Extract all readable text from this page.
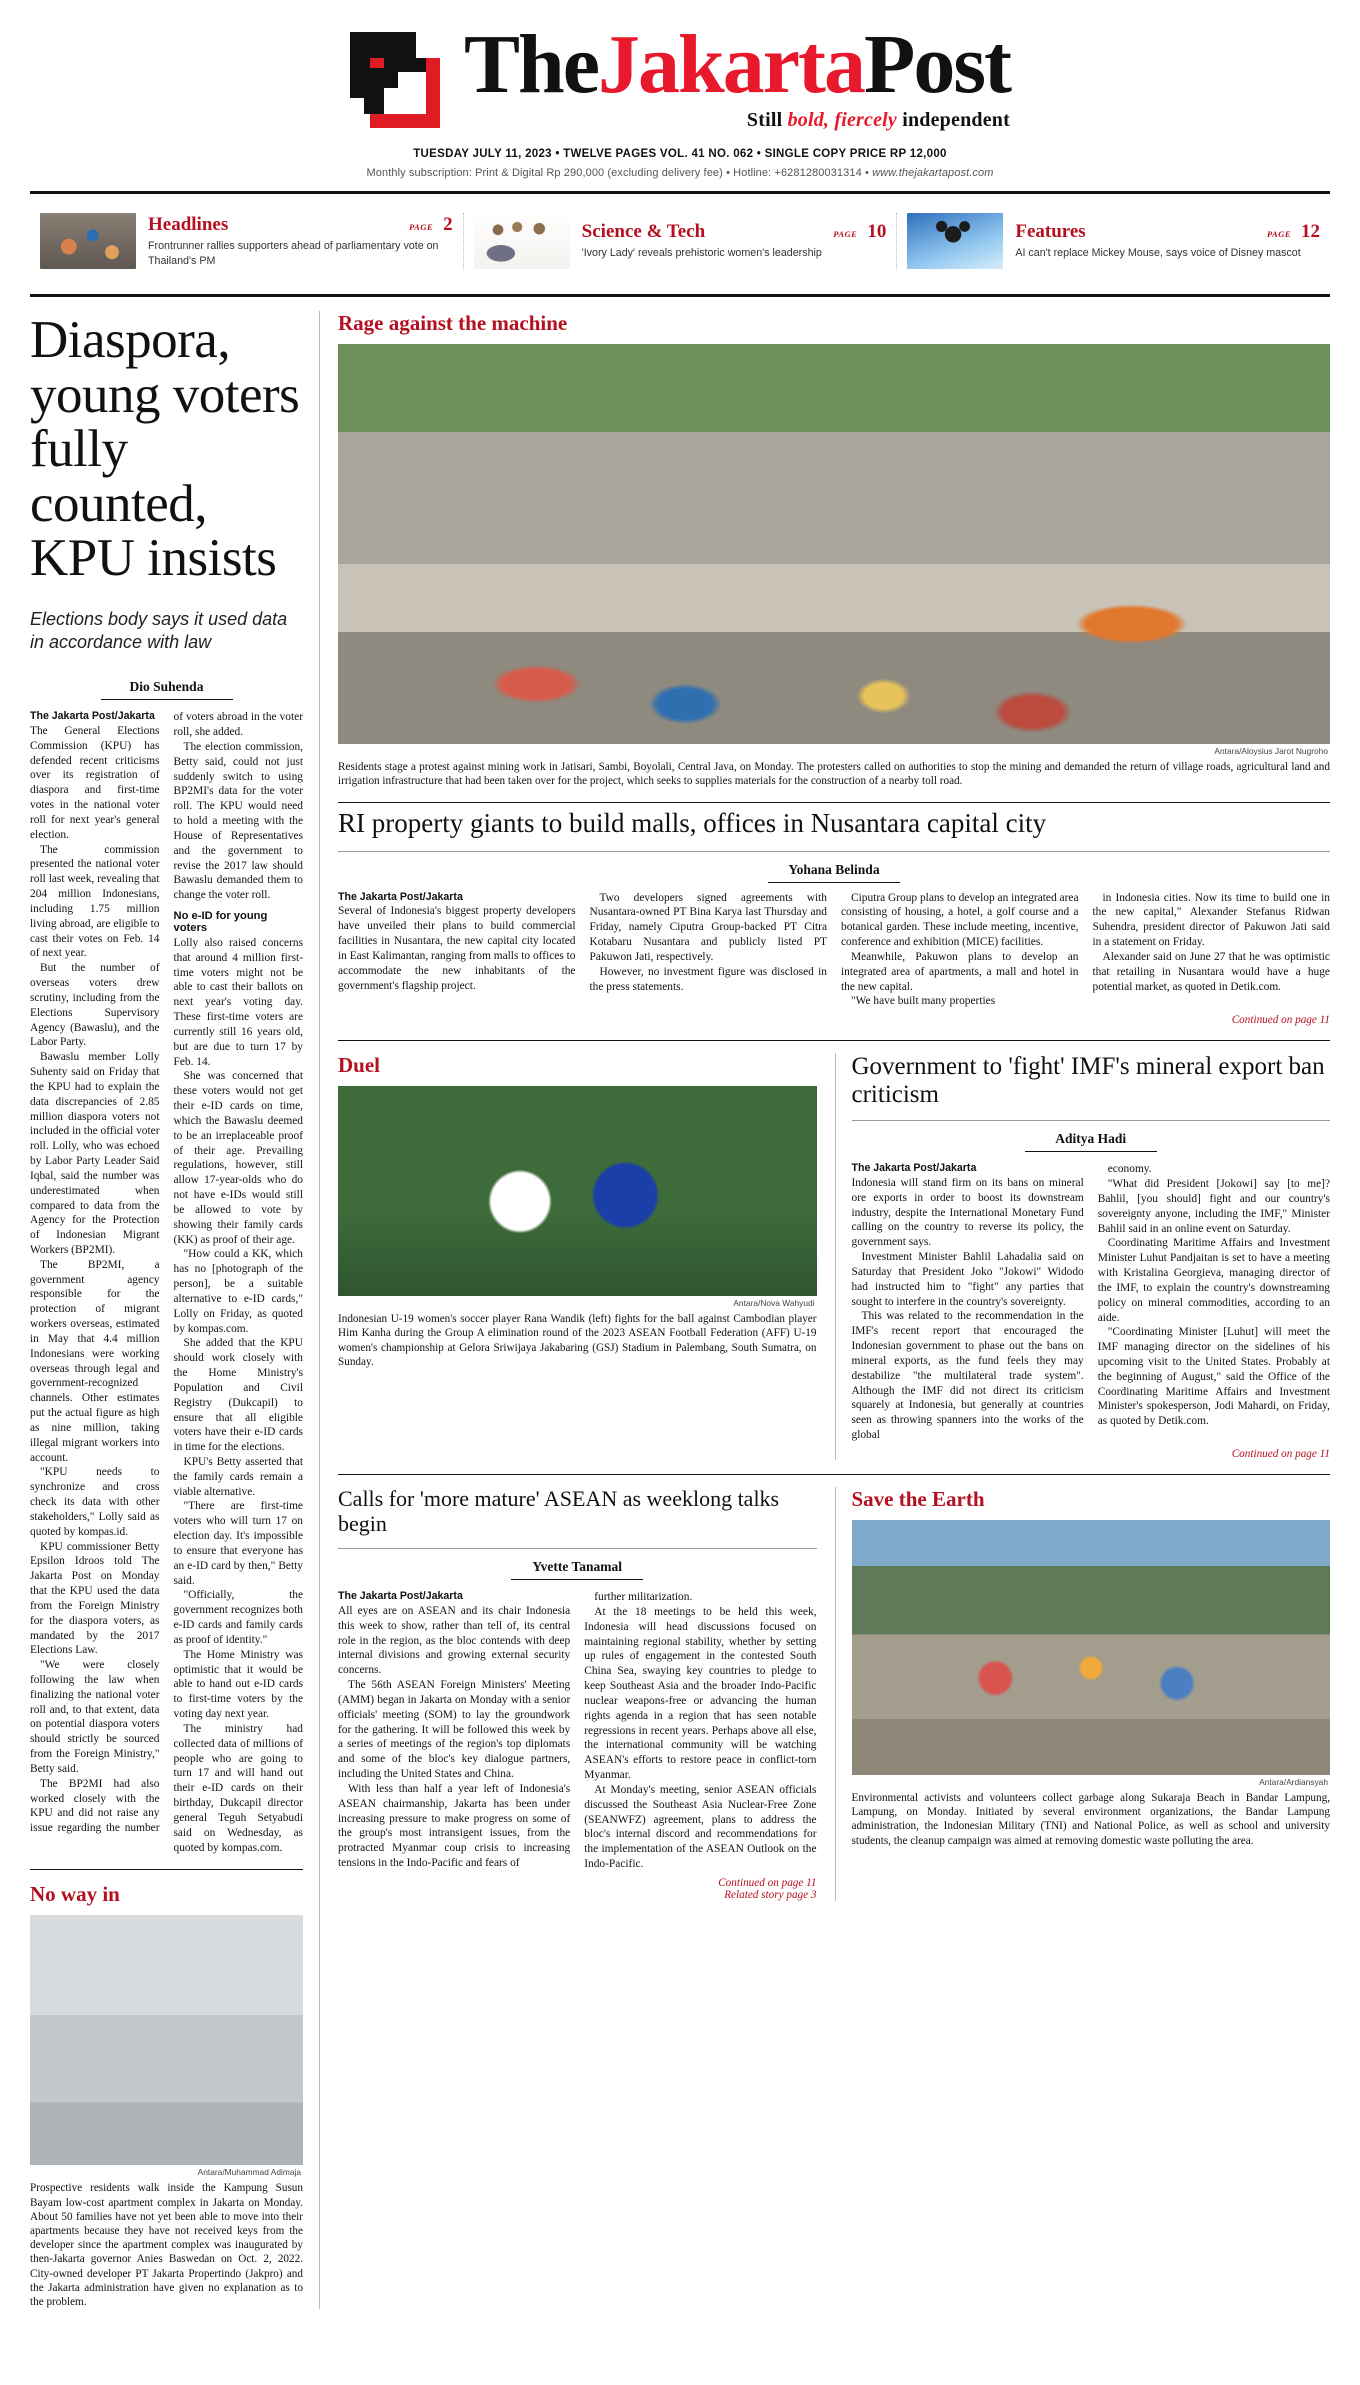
TheJakartaPost
Still bold, fiercely independent
TUESDAY JULY 11, 2023 • TWELVE PAGES VOL. 41 NO. 062 • SINGLE COPY PRICE RP 12,000
Monthly subscription: Print & Digital Rp 290,000 (excluding delivery fee) • Hotline: +6281280031314 • www.thejakartapost.com
Headlines	PAGE 2
Frontrunner rallies supporters ahead of parliamentary vote on Thailand's PM
Science & Tech	PAGE 10
'Ivory Lady' reveals prehistoric women's leadership
Features	PAGE 12
AI can't replace Mickey Mouse, says voice of Disney mascot
Diaspora, young voters fully counted, KPU insists
Elections body says it used data in accordance with law
Dio Suhenda

The Jakarta Post/Jakarta
The General Elections Commission (KPU) has defended recent criticisms over its registration of diaspora and first-time votes in the national voter roll for next year's general election.

The commission presented the national voter roll last week, revealing that 204 million Indonesians, including 1.75 million living abroad, are eligible to cast their votes on Feb. 14 of next year.

But the number of overseas voters drew scrutiny, including from the Elections Supervisory Agency (Bawaslu), and the Labor Party.

Bawaslu member Lolly Suhenty said on Friday that the KPU had to explain the data discrepancies of 2.85 million diaspora voters not included in the official voter roll. Lolly, who was echoed by Labor Party Leader Said Iqbal, said the number was underestimated when compared to data from the Agency for the Protection of Indonesian Migrant Workers (BP2MI).

The BP2MI, a government agency responsible for the protection of migrant workers overseas, estimated in May that 4.4 million Indonesians were working overseas through legal and government-recognized channels. Other estimates put the actual figure as high as nine million, taking illegal migrant workers into account.

"KPU needs to synchronize and cross check its data with other stakeholders," Lolly said as quoted by kompas.id.

KPU commissioner Betty Epsilon Idroos told The Jakarta Post on Monday that the KPU used the data from the Foreign Ministry for the diaspora voters, as mandated by the 2017 Elections Law.

"We were closely following the law when finalizing the national voter roll and, to that extent, data on potential diaspora voters should strictly be sourced from the Foreign Ministry," Betty said.

The BP2MI had also worked closely with the KPU and did not raise any issue regarding the number of voters abroad in the voter roll, she added.

The election commission, Betty said, could not just suddenly switch to using BP2MI's data for the voter roll. The KPU would need to hold a meeting with the House of Representatives and the government to revise the 2017 law should Bawaslu demanded them to change the voter roll.

No e-ID for young voters

Lolly also raised concerns that around 4 million first-time voters might not be able to cast their ballots on next year's voting day. These first-time voters are currently still 16 years old, but are due to turn 17 by Feb. 14.

She was concerned that these voters would not get their e-ID cards on time, which the Bawaslu deemed to be an irreplaceable proof of their age. Prevailing regulations, however, still allow 17-year-olds who do not have e-IDs would still be allowed to vote by showing their family cards (KK) as proof of their age.

"How could a KK, which has no [photograph of the person], be a suitable alternative to e-ID cards," Lolly on Friday, as quoted by kompas.com.

She added that the KPU should work closely with the Home Ministry's Population and Civil Registry (Dukcapil) to ensure that all eligible voters have their e-ID cards in time for the elections.

KPU's Betty asserted that the family cards remain a viable alternative.

"There are first-time voters who will turn 17 on election day. It's impossible to ensure that everyone has an e-ID card by then," Betty said.

"Officially, the government recognizes both e-ID cards and family cards as proof of identity."

The Home Ministry was optimistic that it would be able to hand out e-ID cards to first-time voters by the voting day next year.

The ministry had collected data of millions of people who are going to turn 17 and will hand out their e-ID cards on their birthday, Dukcapil director general Teguh Setyabudi said on Wednesday, as quoted by kompas.com.

No way in
Antara/Muhammad Adimaja
Prospective residents walk inside the Kampung Susun Bayam low-cost apartment complex in Jakarta on Monday. About 50 families have not yet been able to move into their apartments because they have not received keys from the developer since the apartment complex was inaugurated by then-Jakarta governor Anies Baswedan on Oct. 2, 2022. City-owned developer PT Jakarta Propertindo (Jakpro) and the Jakarta administration have given no explanation as to the problem.
Rage against the machine
Antara/Aloysius Jarot Nugroho
Residents stage a protest against mining work in Jatisari, Sambi, Boyolali, Central Java, on Monday. The protesters called on authorities to stop the mining and demanded the return of village roads, agricultural land and irrigation infrastructure that had been taken over for the project, which seeks to supplies materials for the construction of a nearby toll road.
RI property giants to build malls, offices in Nusantara capital city
Yohana Belinda

The Jakarta Post/Jakarta
Several of Indonesia's biggest property developers have unveiled their plans to build commercial facilities in Nusantara, the new capital city located in East Kalimantan, ranging from malls to offices to accommodate the new inhabitants of the government's flagship project.

Two developers signed agreements with Nusantara-owned PT Bina Karya last Thursday and Friday, namely Ciputra Group-backed PT Citra Kotabaru Nusantara and publicly listed PT Pakuwon Jati, respectively.

However, no investment figure was disclosed in the press statements.

Ciputra Group plans to develop an integrated area consisting of housing, a hotel, a golf course and a botanical garden. These include meeting, incentive, conference and exhibition (MICE) facilities.

Meanwhile, Pakuwon plans to develop an integrated area of apartments, a mall and hotel in the new capital.

"We have built many properties

in Indonesia cities. Now its time to build one in the new capital," Alexander Stefanus Ridwan Suhendra, president director of Pakuwon Jati said in a statement on Friday.

Alexander said on June 27 that he was optimistic that retailing in Nusantara would have a huge potential market, as quoted in Detik.com.

Continued on page 11
Duel
Antara/Nova Wahyudi
Indonesian U-19 women's soccer player Rana Wandik (left) fights for the ball against Cambodian player Him Kanha during the Group A elimination round of the 2023 ASEAN Football Federation (AFF) U-19 women's championship at Gelora Sriwijaya Jakabaring (GSJ) Stadium in Palembang, South Sumatra, on Sunday.
Government to 'fight' IMF's mineral export ban criticism
Aditya Hadi

The Jakarta Post/Jakarta
Indonesia will stand firm on its bans on mineral ore exports in order to boost its downstream industry, despite the International Monetary Fund calling on the country to reverse its policy, the government says.

Investment Minister Bahlil Lahadalia said on Saturday that President Joko "Jokowi" Widodo had instructed him to "fight" any parties that sought to interfere in the country's sovereignty.

This was related to the recommendation in the IMF's recent report that encouraged the Indonesian government to phase out the bans on mineral exports, as the fund feels they may destabilize "the multilateral trade system". Although the IMF did not direct its criticism squarely at Indonesia, but generally at countries seen as throwing spanners into the works of the global

economy.

"What did President [Jokowi] say [to me]? Bahlil, [you should] fight and our country's sovereignty anyone, including the IMF," Minister Bahlil said in an online event on Saturday.

Coordinating Maritime Affairs and Investment Minister Luhut Pandjaitan is set to have a meeting with Kristalina Georgieva, managing director of the IMF, to explain the country's downstreaming policy on mineral commodities, according to an aide.

"Coordinating Minister [Luhut] will meet the IMF managing director on the sidelines of his upcoming visit to the United States. Probably at the beginning of August," said the Office of the Coordinating Maritime Affairs and Investment Minister's spokesperson, Jodi Mahardi, on Friday, as quoted by Detik.com.

Continued on page 11
Calls for 'more mature' ASEAN as weeklong talks begin
Yvette Tanamal

The Jakarta Post/Jakarta
All eyes are on ASEAN and its chair Indonesia this week to show, rather than tell of, its central role in the region, as the bloc contends with deep internal divisions and growing external security concerns.

The 56th ASEAN Foreign Ministers' Meeting (AMM) began in Jakarta on Monday with a senior officials' meeting (SOM) to lay the groundwork for the gathering. It will be followed this week by a series of meetings of the region's top diplomats and some of the bloc's key dialogue partners, including the United States and China.

With less than half a year left of Indonesia's ASEAN chairmanship, Jakarta has been under increasing pressure to make progress on some of the group's most intransigent issues, from the protracted Myanmar coup crisis to increasing tensions in the Indo-Pacific and fears of

further militarization.

At the 18 meetings to be held this week, Indonesia will head discussions focused on maintaining regional stability, whether by setting up rules of engagement in the contested South China Sea, swaying key countries to pledge to keep Southeast Asia and the broader Indo-Pacific nuclear weapons-free or advancing the human rights agenda in a region that has seen notable regressions in recent years. Perhaps above all else, the international community will be watching ASEAN's efforts to restore peace in conflict-torn Myanmar.

At Monday's meeting, senior ASEAN officials discussed the Southeast Asia Nuclear-Free Zone (SEANWFZ) agreement, plans to address the bloc's internal discord and recommendations for the implementation of the ASEAN Outlook on the Indo-Pacific.

Continued on page 11
Related story page 3
Save the Earth
Antara/Ardiansyah
Environmental activists and volunteers collect garbage along Sukaraja Beach in Bandar Lampung, Lampung, on Monday. Initiated by several environment organizations, the Bandar Lampung administration, the Indonesian Military (TNI) and National Police, as well as school and university students, the cleanup campaign was aimed at removing domestic waste polluting the area.
